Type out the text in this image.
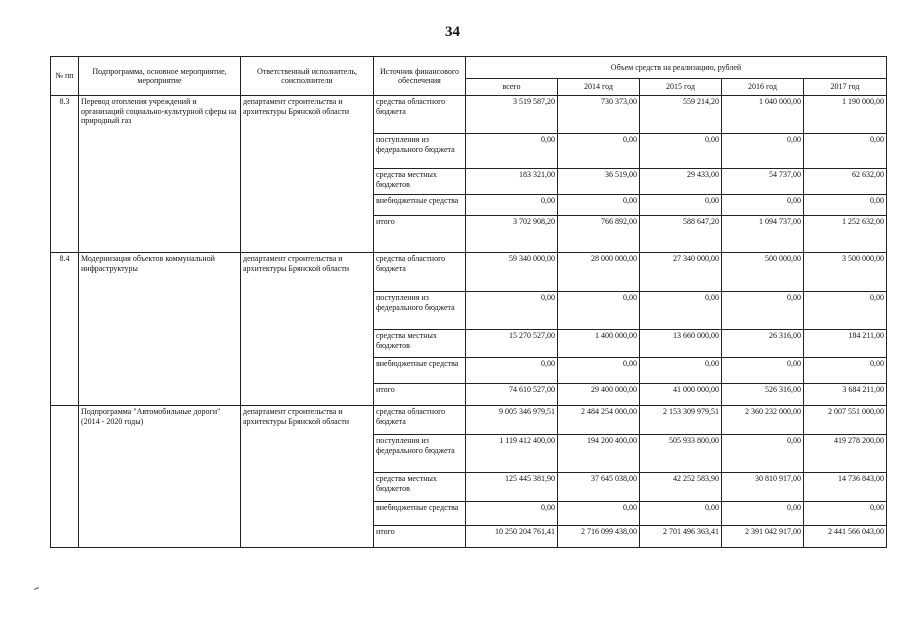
34
№ пп	Подпрограмма, основное мероприятие, мероприятие	Ответственный исполнитель, соисполнители	Источник финансового обеспечения	Объем средств на реализацию, рублей				
				всего	2014 год	2015 год	2016 год	2017 год
8.3	Перевод отопления учреждений и организаций социально-культурной сферы на природный газ	департамент строительства и архитектуры Брянской области	средства областного бюджета	3 519 587,20	730 373,00	559 214,20	1 040 000,00	1 190 000,00
			поступления из федерального бюджета	0,00	0,00	0,00	0,00	0,00
			средства местных бюджетов	183 321,00	36 519,00	29 433,00	54 737,00	62 632,00
			внебюджетные средства	0,00	0,00	0,00	0,00	0,00
			итого	3 702 908,20	766 892,00	588 647,20	1 094 737,00	1 252 632,00
8.4	Модернизация объектов коммунальной инфраструктуры	департамент строительства и архитектуры Брянской области	средства областного бюджета	59 340 000,00	28 000 000,00	27 340 000,00	500 000,00	3 500 000,00
			поступления из федерального бюджета	0,00	0,00	0,00	0,00	0,00
			средства местных бюджетов	15 270 527,00	1 400 000,00	13 660 000,00	26 316,00	184 211,00
			внебюджетные средства	0,00	0,00	0,00	0,00	0,00
			итого	74 610 527,00	29 400 000,00	41 000 000,00	526 316,00	3 684 211,00
	Подпрограмма "Автомобильные дороги" (2014 - 2020 годы)	департамент строительства и архитектуры Брянской области	средства областного бюджета	9 005 346 979,51	2 484 254 000,00	2 153 309 979,51	2 360 232 000,00	2 007 551 000,00
			поступления из федерального бюджета	1 119 412 400,00	194 200 400,00	505 933 800,00	0,00	419 278 200,00
			средства местных бюджетов	125 445 381,90	37 645 038,00	42 252 583,90	30 810 917,00	14 736 843,00
			внебюджетные средства	0,00	0,00	0,00	0,00	0,00
			итого	10 250 204 761,41	2 716 099 438,00	2 701 496 363,41	2 391 042 917,00	2 441 566 043,00
